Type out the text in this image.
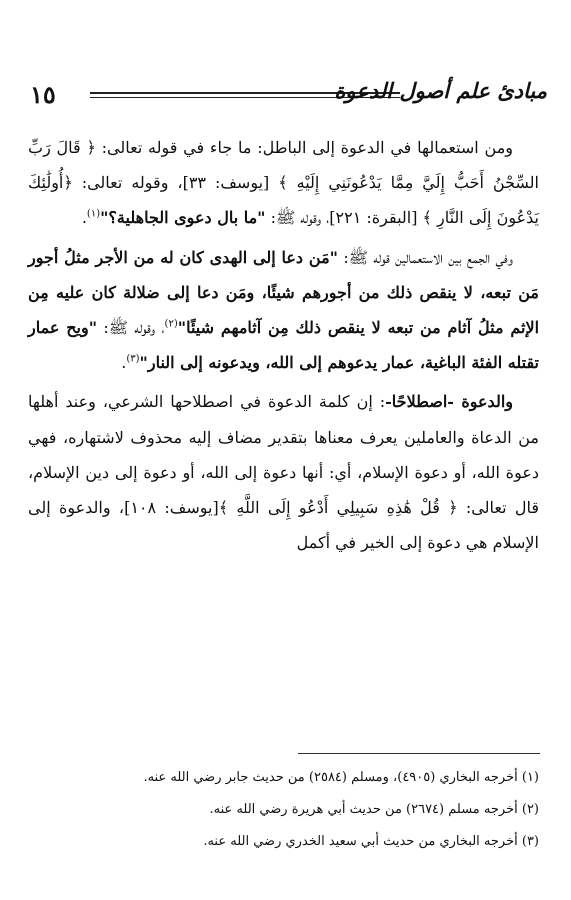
١٥	مبادئ علم أصول الدعوة

ومن استعمالها في الدعوة إلى الباطل: ما جاء في قوله تعالى: ﴿ قَالَ رَبِّ السِّجْنُ أَحَبُّ إِلَيَّ مِمَّا يَدْعُونَنِي إِلَيْهِ ﴾ [يوسف: ٣٣]، وقوله تعالى: ﴿أُولَٰئِكَ يَدْعُونَ إِلَى النَّارِ ﴾ [البقرة: ٢٢١]، وقوله ﷺ: "ما بال دعوى الجاهلية؟"$^{(١)}$.

وفي الجمع بين الاستعمالين قوله ﷺ: "مَن دعا إلى الهدى كان له من الأجر مثلُ أجور مَن تبعه، لا ينقص ذلك من أجورهم شيئًا، ومَن دعا إلى ضلالة كان عليه مِن الإثم مثلُ آثام من تبعه لا ينقص ذلك مِن آثامهم شيئًا"$^{(٢)}$، وقوله ﷺ: "ويح عمار تقتله الفئة الباغية، عمار يدعوهم إلى الله، ويدعونه إلى النار"$^{(٣)}$.

والدعوة -اصطلاحًا-: إن كلمة الدعوة في اصطلاحها الشرعي، وعند أهلها من الدعاة والعاملين يعرف معناها بتقدير مضاف إليه محذوف لاشتهاره، فهي دعوة الله، أو دعوة الإسلام، أي: أنها دعوة إلى الله، أو دعوة إلى دين الإسلام، قال تعالى: ﴿ قُلْ هَٰذِهِ سَبِيلِي أَدْعُو إِلَى اللَّهِ ﴾[يوسف: ١٠٨]، والدعوة إلى الإسلام هي دعوة إلى الخير في أكمل

(١) أخرجه البخاري (٤٩٠٥)، ومسلم (٢٥٨٤) من حديث جابر رضي الله عنه.
(٢) أخرجه مسلم (٢٦٧٤) من حديث أبي هريرة رضي الله عنه.
(٣) أخرجه البخاري من حديث أبي سعيد الخدري رضي الله عنه.
